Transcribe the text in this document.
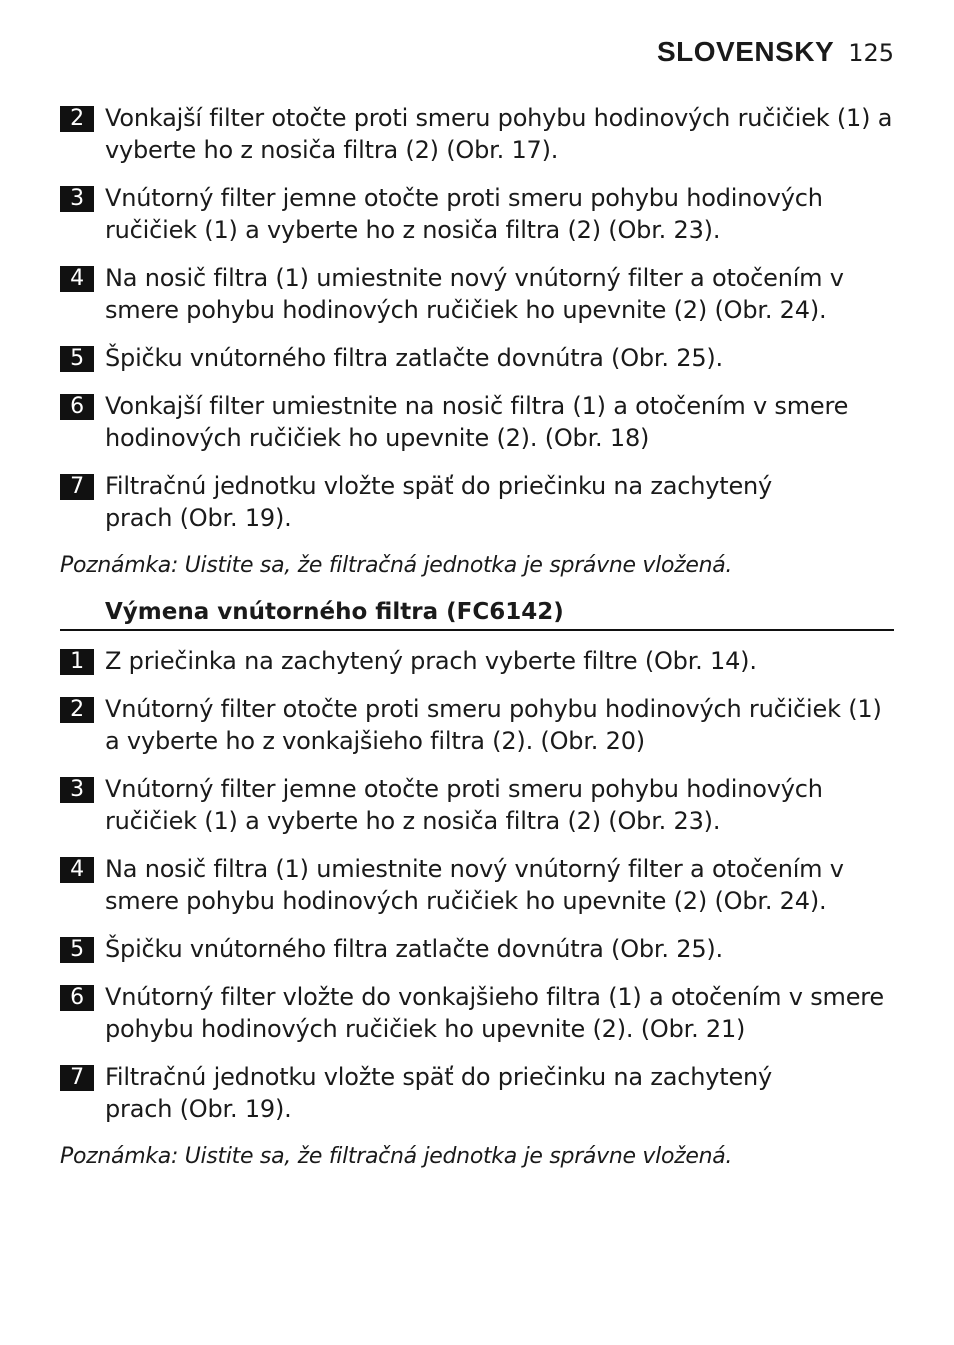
SLOVENSKY 125
2 Vonkajší filter otočte proti smeru pohybu hodinových ručičiek (1) a
vyberte ho z nosiča filtra (2) (Obr. 17).
3 Vnútorný filter jemne otočte proti smeru pohybu hodinových
ručičiek (1) a vyberte ho z nosiča filtra (2) (Obr. 23).
4 Na nosič filtra (1) umiestnite nový vnútorný filter a otočením v
smere pohybu hodinových ručičiek ho upevnite (2) (Obr. 24).
5 Špičku vnútorného filtra zatlačte dovnútra (Obr. 25).
6 Vonkajší filter umiestnite na nosič filtra (1) a otočením v smere
hodinových ručičiek ho upevnite (2). (Obr. 18)
7 Filtračnú jednotku vložte späť do priečinku na zachytený
prach (Obr. 19).
Poznámka: Uistite sa, že filtračná jednotka je správne vložená.
Výmena vnútorného filtra (FC6142)
1 Z priečinka na zachytený prach vyberte filtre (Obr. 14).
2 Vnútorný filter otočte proti smeru pohybu hodinových ručičiek (1)
a vyberte ho z vonkajšieho filtra (2). (Obr. 20)
3 Vnútorný filter jemne otočte proti smeru pohybu hodinových
ručičiek (1) a vyberte ho z nosiča filtra (2) (Obr. 23).
4 Na nosič filtra (1) umiestnite nový vnútorný filter a otočením v
smere pohybu hodinových ručičiek ho upevnite (2) (Obr. 24).
5 Špičku vnútorného filtra zatlačte dovnútra (Obr. 25).
6 Vnútorný filter vložte do vonkajšieho filtra (1) a otočením v smere
pohybu hodinových ručičiek ho upevnite (2). (Obr. 21)
7 Filtračnú jednotku vložte späť do priečinku na zachytený
prach (Obr. 19).
Poznámka: Uistite sa, že filtračná jednotka je správne vložená.
